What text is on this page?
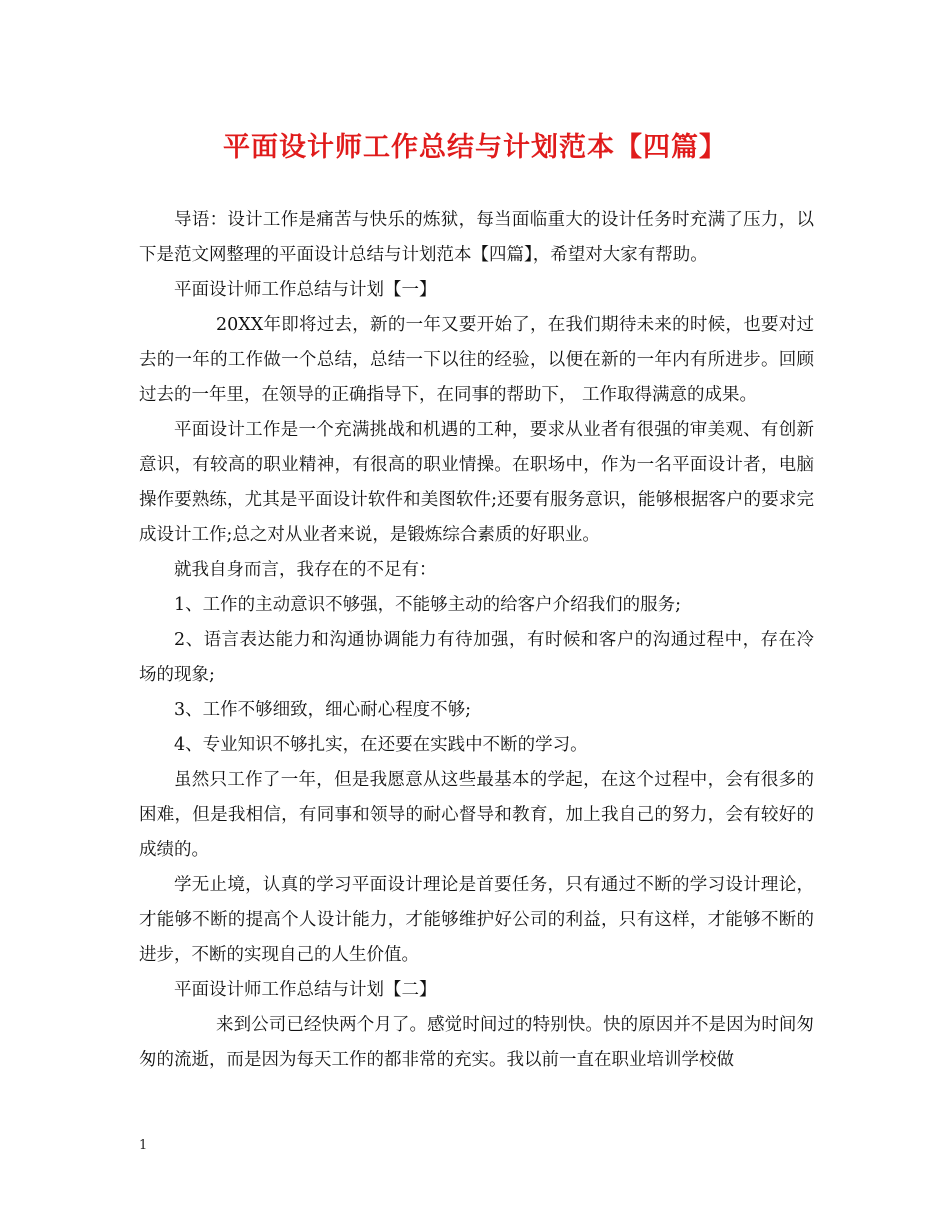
平面设计师工作总结与计划范本【四篇】

导语：设计工作是痛苦与快乐的炼狱，每当面临重大的设计任务时充满了压力，以下是范文网整理的平面设计总结与计划范本【四篇】，希望对大家有帮助。

平面设计师工作总结与计划【一】

20XX年即将过去，新的一年又要开始了，在我们期待未来的时候，也要对过去的一年的工作做一个总结，总结一下以往的经验，以便在新的一年内有所进步。回顾过去的一年里，在领导的正确指导下，在同事的帮助下， 工作取得满意的成果。

平面设计工作是一个充满挑战和机遇的工种，要求从业者有很强的审美观、有创新意识，有较高的职业精神，有很高的职业情操。在职场中，作为一名平面设计者，电脑操作要熟练，尤其是平面设计软件和美图软件;还要有服务意识，能够根据客户的要求完成设计工作;总之对从业者来说，是锻炼综合素质的好职业。

就我自身而言，我存在的不足有：

1、工作的主动意识不够强，不能够主动的给客户介绍我们的服务;

2、语言表达能力和沟通协调能力有待加强，有时候和客户的沟通过程中，存在冷场的现象;

3、工作不够细致，细心耐心程度不够;

4、专业知识不够扎实，在还要在实践中不断的学习。

虽然只工作了一年，但是我愿意从这些最基本的学起，在这个过程中，会有很多的困难，但是我相信，有同事和领导的耐心督导和教育，加上我自己的努力，会有较好的成绩的。

学无止境，认真的学习平面设计理论是首要任务，只有通过不断的学习设计理论，才能够不断的提高个人设计能力，才能够维护好公司的利益，只有这样，才能够不断的进步，不断的实现自己的人生价值。

平面设计师工作总结与计划【二】

来到公司已经快两个月了。感觉时间过的特别快。快的原因并不是因为时间匆匆的流逝，而是因为每天工作的都非常的充实。我以前一直在职业培训学校做

1
